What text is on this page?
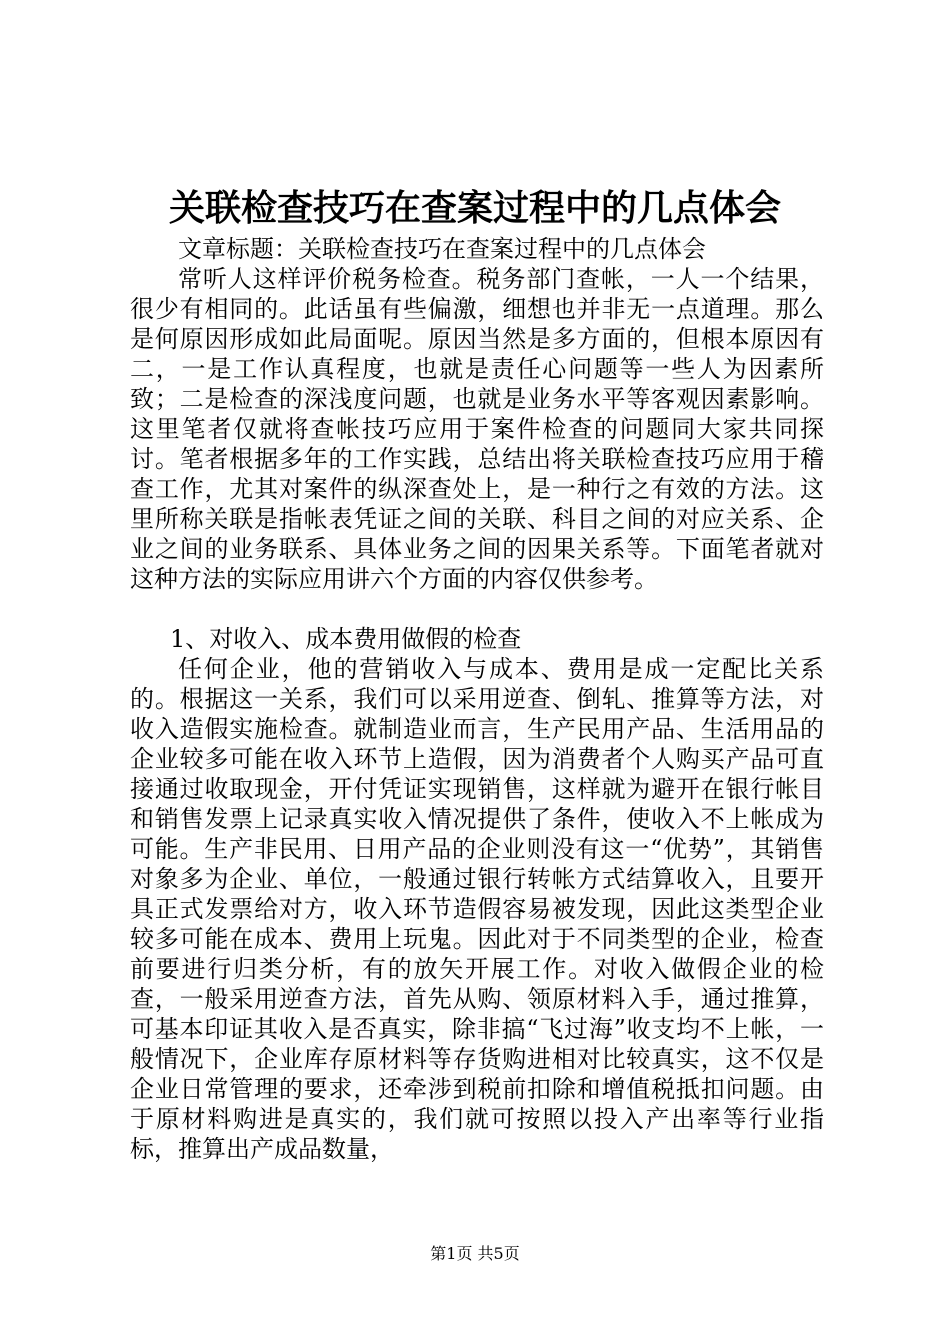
关联检查技巧在查案过程中的几点体会

文章标题：关联检查技巧在查案过程中的几点体会

常听人这样评价税务检查。税务部门查帐，一人一个结果，很少有相同的。此话虽有些偏激，细想也并非无一点道理。那么是何原因形成如此局面呢。原因当然是多方面的，但根本原因有二，一是工作认真程度，也就是责任心问题等一些人为因素所致；二是检查的深浅度问题，也就是业务水平等客观因素影响。这里笔者仅就将查帐技巧应用于案件检查的问题同大家共同探讨。笔者根据多年的工作实践，总结出将关联检查技巧应用于稽查工作，尤其对案件的纵深查处上，是一种行之有效的方法。这里所称关联是指帐表凭证之间的关联、科目之间的对应关系、企业之间的业务联系、具体业务之间的因果关系等。下面笔者就对这种方法的实际应用讲六个方面的内容仅供参考。

1、对收入、成本费用做假的检查

任何企业，他的营销收入与成本、费用是成一定配比关系的。根据这一关系，我们可以采用逆查、倒轧、推算等方法，对收入造假实施检查。就制造业而言，生产民用产品、生活用品的企业较多可能在收入环节上造假，因为消费者个人购买产品可直接通过收取现金，开付凭证实现销售，这样就为避开在银行帐目和销售发票上记录真实收入情况提供了条件，使收入不上帐成为可能。生产非民用、日用产品的企业则没有这一“优势”，其销售对象多为企业、单位，一般通过银行转帐方式结算收入，且要开具正式发票给对方，收入环节造假容易被发现，因此这类型企业较多可能在成本、费用上玩鬼。因此对于不同类型的企业，检查前要进行归类分析，有的放矢开展工作。对收入做假企业的检查，一般采用逆查方法，首先从购、领原材料入手，通过推算，可基本印证其收入是否真实，除非搞“飞过海”收支均不上帐，一般情况下，企业库存原材料等存货购进相对比较真实，这不仅是企业日常管理的要求，还牵涉到税前扣除和增值税抵扣问题。由于原材料购进是真实的，我们就可按照以投入产出率等行业指标，推算出产成品数量，

第1页 共5页
